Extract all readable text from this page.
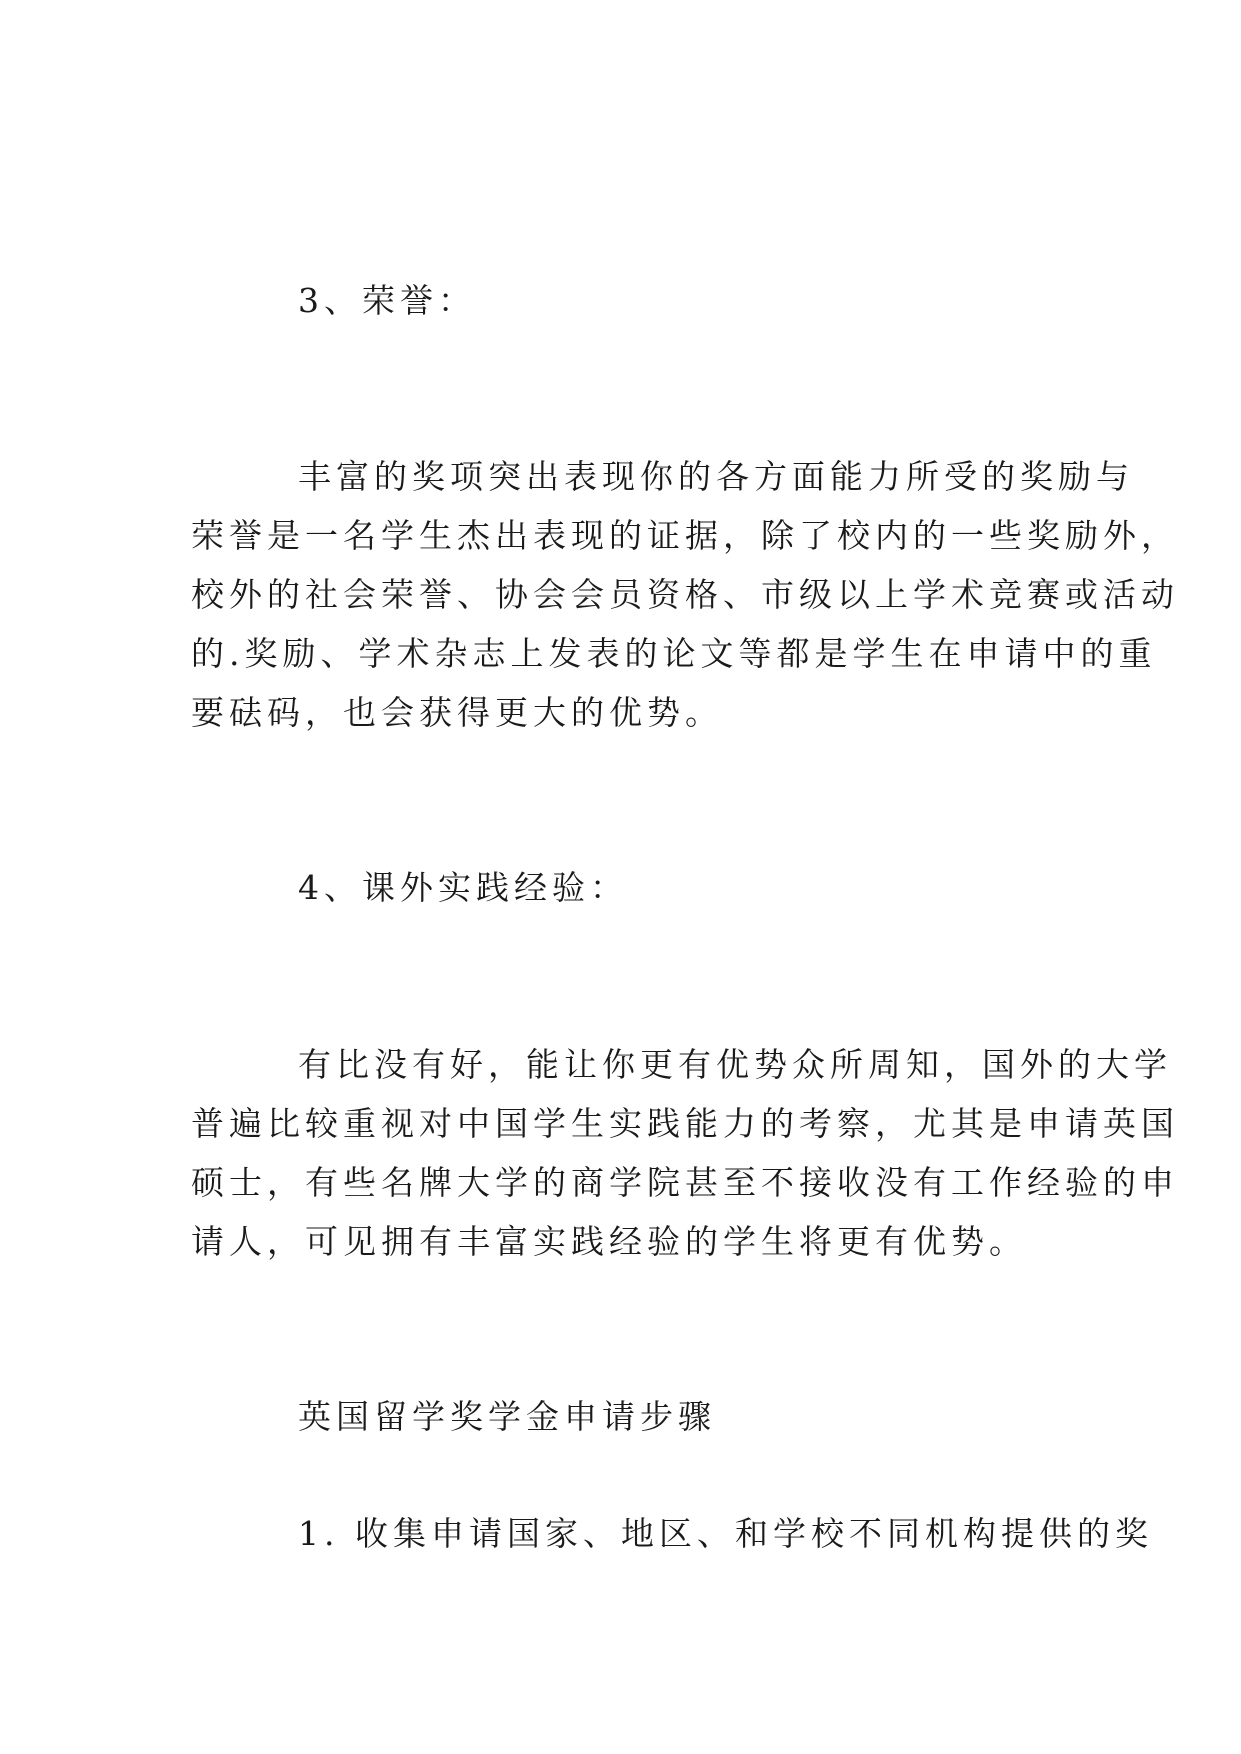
3、荣誉：
丰富的奖项突出表现你的各方面能力所受的奖励与
荣誉是一名学生杰出表现的证据，除了校内的一些奖励外，
校外的社会荣誉、协会会员资格、市级以上学术竞赛或活动
的.奖励、学术杂志上发表的论文等都是学生在申请中的重
要砝码，也会获得更大的优势。
4、课外实践经验：
有比没有好，能让你更有优势众所周知，国外的大学
普遍比较重视对中国学生实践能力的考察，尤其是申请英国
硕士，有些名牌大学的商学院甚至不接收没有工作经验的申
请人，可见拥有丰富实践经验的学生将更有优势。
英国留学奖学金申请步骤
1. 收集申请国家、地区、和学校不同机构提供的奖
